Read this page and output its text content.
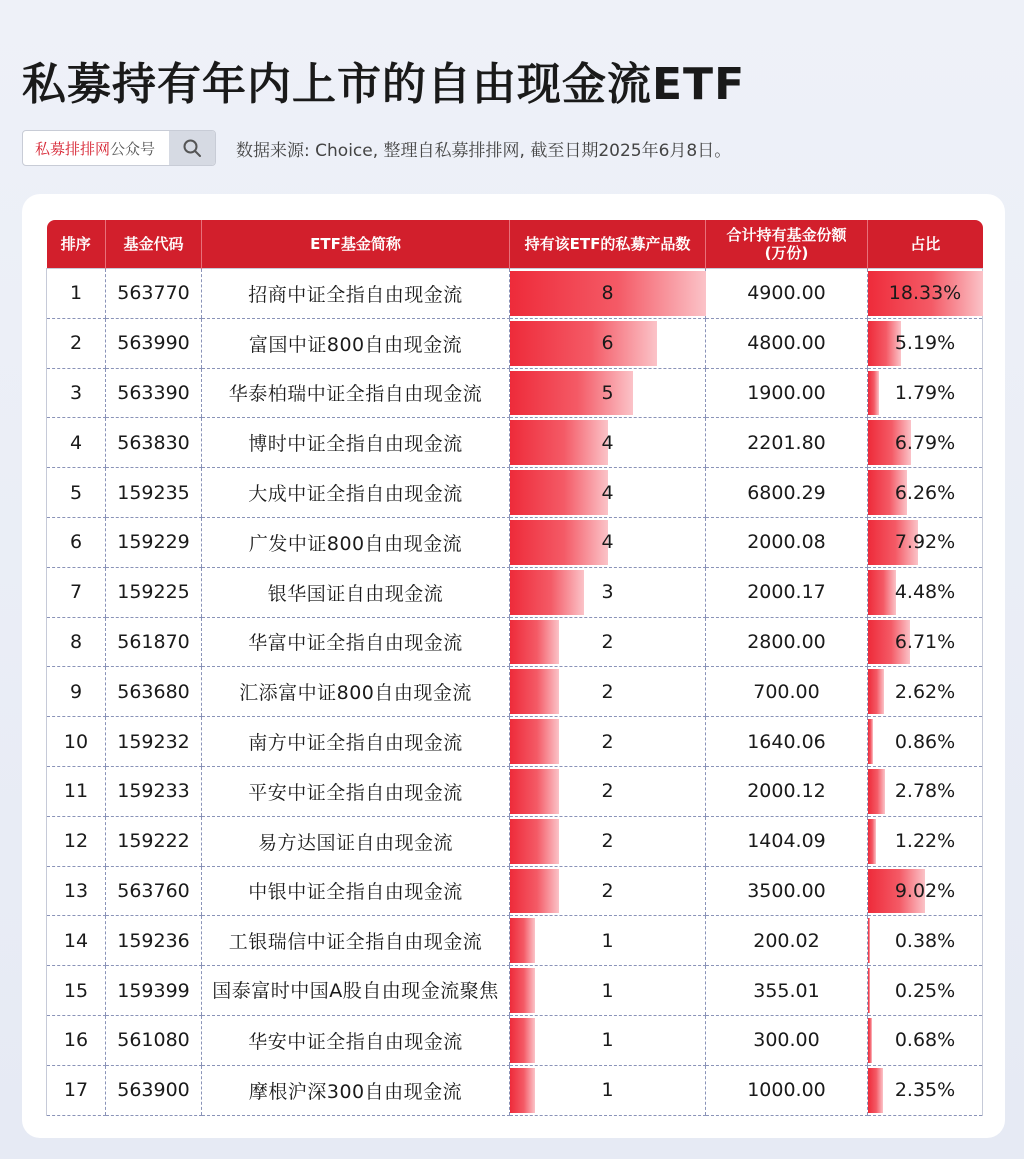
私募持有年内上市的自由现金流ETF
私募排排网公众号	数据来源: Choice, 整理自私募排排网, 截至日期2025年6月8日。
排序	基金代码	ETF基金简称	持有该ETF的私募产品数	合计持有基金份额
(万份)	占比
1	563770	招商中证全指自由现金流	8	4900.00	18.33%
2	563990	富国中证800自由现金流	6	4800.00	5.19%
3	563390	华泰柏瑞中证全指自由现金流	5	1900.00	1.79%
4	563830	博时中证全指自由现金流	4	2201.80	6.79%
5	159235	大成中证全指自由现金流	4	6800.29	6.26%
6	159229	广发中证800自由现金流	4	2000.08	7.92%
7	159225	银华国证自由现金流	3	2000.17	4.48%
8	561870	华富中证全指自由现金流	2	2800.00	6.71%
9	563680	汇添富中证800自由现金流	2	700.00	2.62%
10	159232	南方中证全指自由现金流	2	1640.06	0.86%
11	159233	平安中证全指自由现金流	2	2000.12	2.78%
12	159222	易方达国证自由现金流	2	1404.09	1.22%
13	563760	中银中证全指自由现金流	2	3500.00	9.02%
14	159236	工银瑞信中证全指自由现金流	1	200.02	0.38%
15	159399	国泰富时中国A股自由现金流聚焦	1	355.01	0.25%
16	561080	华安中证全指自由现金流	1	300.00	0.68%
17	563900	摩根沪深300自由现金流	1	1000.00	2.35%
